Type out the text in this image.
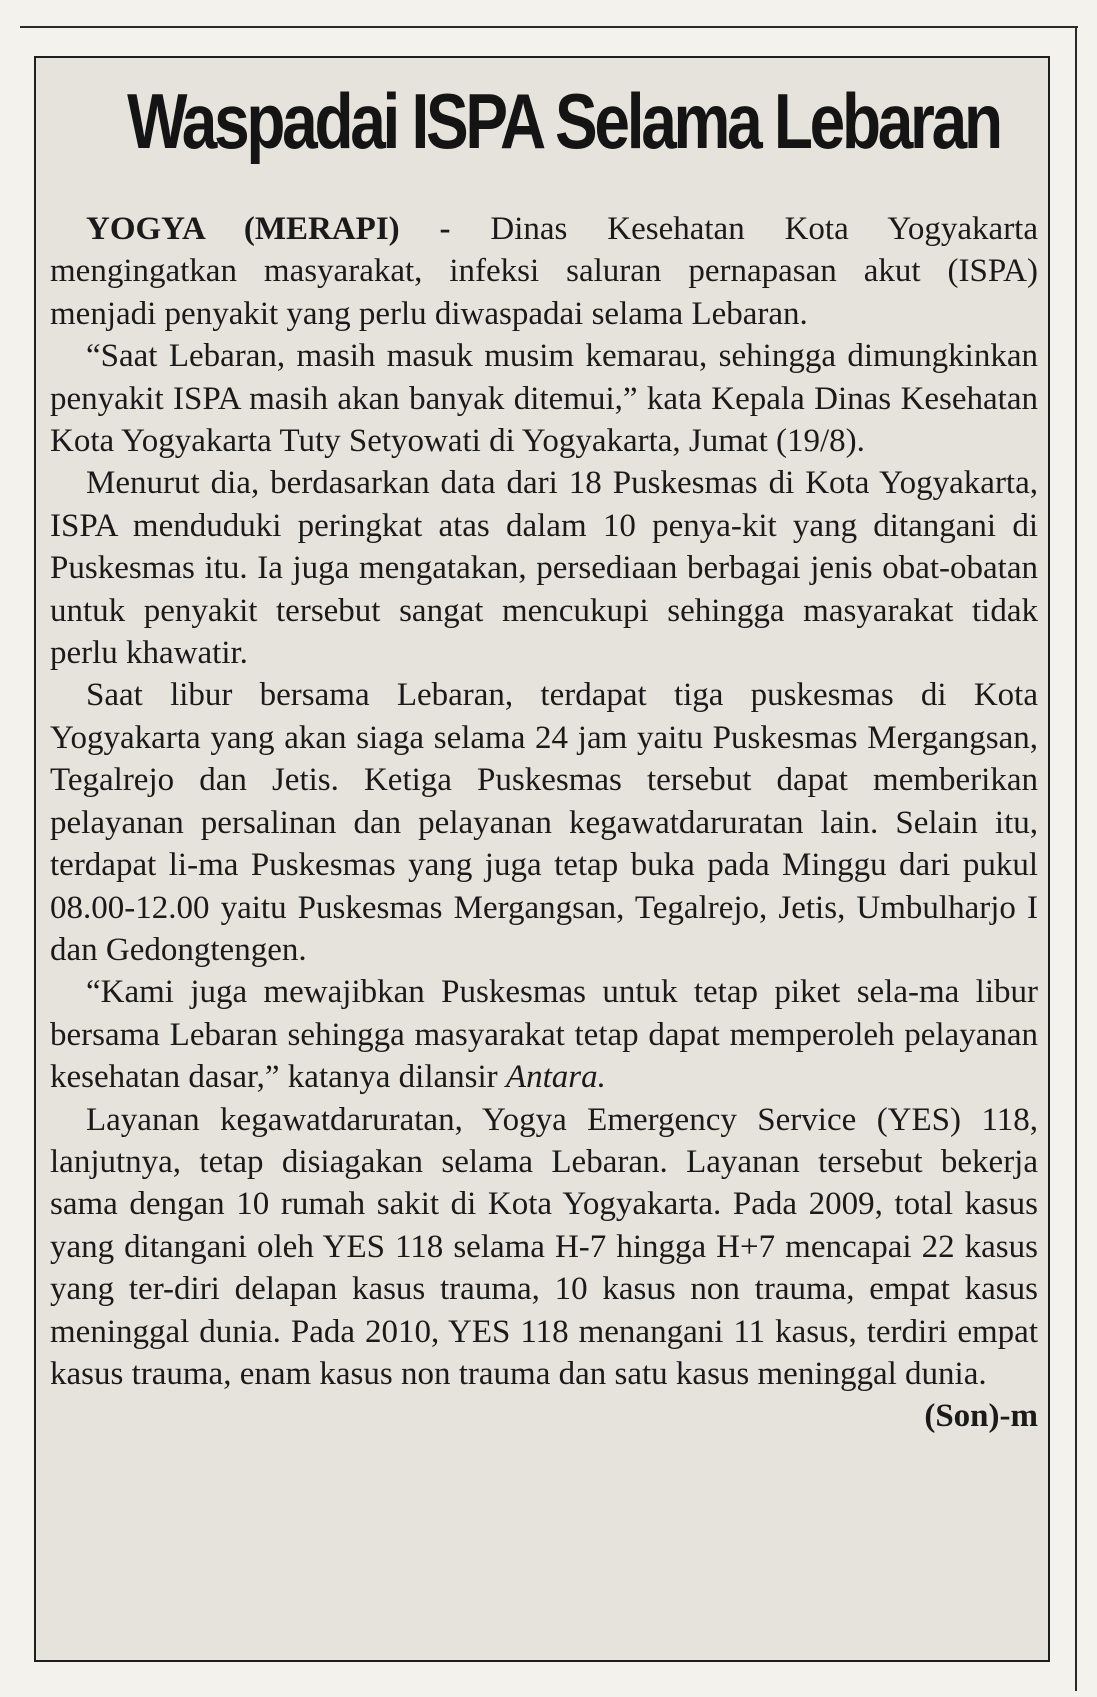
Waspadai ISPA Selama Lebaran

YOGYA (MERAPI) - Dinas Kesehatan Kota Yogyakarta mengingatkan masyarakat, infeksi saluran pernapasan akut (ISPA) menjadi penyakit yang perlu diwaspadai selama Lebaran.

“Saat Lebaran, masih masuk musim kemarau, sehingga dimungkinkan penyakit ISPA masih akan banyak ditemui,” kata Kepala Dinas Kesehatan Kota Yogyakarta Tuty Setyowati di Yogyakarta, Jumat (19/8).

Menurut dia, berdasarkan data dari 18 Puskesmas di Kota Yogyakarta, ISPA menduduki peringkat atas dalam 10 penya-kit yang ditangani di Puskesmas itu. Ia juga mengatakan, persediaan berbagai jenis obat-obatan untuk penyakit tersebut sangat mencukupi sehingga masyarakat tidak perlu khawatir.

Saat libur bersama Lebaran, terdapat tiga puskesmas di Kota Yogyakarta yang akan siaga selama 24 jam yaitu Puskesmas Mergangsan, Tegalrejo dan Jetis. Ketiga Puskesmas tersebut dapat memberikan pelayanan persalinan dan pelayanan kegawatdaruratan lain. Selain itu, terdapat li-ma Puskesmas yang juga tetap buka pada Minggu dari pukul 08.00-12.00 yaitu Puskesmas Mergangsan, Tegalrejo, Jetis, Umbulharjo I dan Gedongtengen.

“Kami juga mewajibkan Puskesmas untuk tetap piket sela-ma libur bersama Lebaran sehingga masyarakat tetap dapat memperoleh pelayanan kesehatan dasar,” katanya dilansir Antara.

Layanan kegawatdaruratan, Yogya Emergency Service (YES) 118, lanjutnya, tetap disiagakan selama Lebaran. Layanan tersebut bekerja sama dengan 10 rumah sakit di Kota Yogyakarta. Pada 2009, total kasus yang ditangani oleh YES 118 selama H-7 hingga H+7 mencapai 22 kasus yang ter-diri delapan kasus trauma, 10 kasus non trauma, empat kasus meninggal dunia. Pada 2010, YES 118 menangani 11 kasus, terdiri empat kasus trauma, enam kasus non trauma dan satu kasus meninggal dunia.
(Son)-m
